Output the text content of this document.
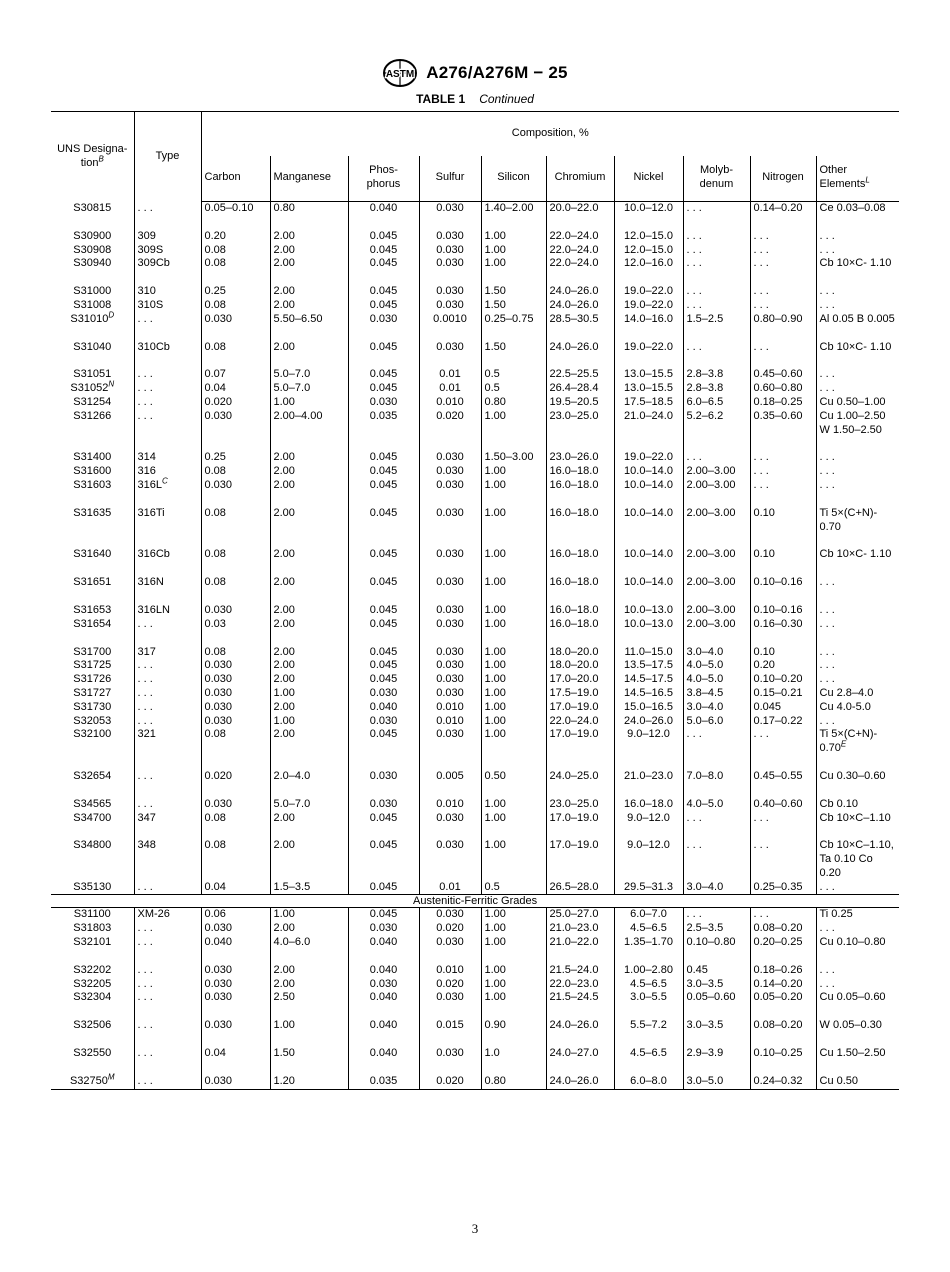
ASTM A276/A276M − 25
TABLE 1 Continued
UNS Designa- tion$^B$	Type	Composition, %									
		Carbon	Manganese	Phos- phorus	Sulfur	Silicon	Chromium	Nickel	Molyb- denum	Nitrogen	Other Elements$^L$
S30815	. . .	0.05–0.10	0.80	0.040	0.030	1.40–2.00	20.0–22.0	10.0–12.0	. . .	0.14–0.20	Ce 0.03–0.08
S30900	309	0.20	2.00	0.045	0.030	1.00	22.0–24.0	12.0–15.0	. . .	. . .	. . .
S30908	309S	0.08	2.00	0.045	0.030	1.00	22.0–24.0	12.0–15.0	. . .	. . .	. . .
S30940	309Cb	0.08	2.00	0.045	0.030	1.00	22.0–24.0	12.0–16.0	. . .	. . .	Cb 10×C- 1.10
S31000	310	0.25	2.00	0.045	0.030	1.50	24.0–26.0	19.0–22.0	. . .	. . .	. . .
S31008	310S	0.08	2.00	0.045	0.030	1.50	24.0–26.0	19.0–22.0	. . .	. . .	. . .
$S31010^D$	. . .	0.030	5.50–6.50	0.030	0.0010	0.25–0.75	28.5–30.5	14.0–16.0	1.5–2.5	0.80–0.90	Al 0.05 B 0.005
S31040	310Cb	0.08	2.00	0.045	0.030	1.50	24.0–26.0	19.0–22.0	. . .	. . .	Cb 10×C- 1.10
S31051	. . .	0.07	5.0–7.0	0.045	0.01	0.5	22.5–25.5	13.0–15.5	2.8–3.8	0.45–0.60	. . .
$S31052^N$	. . .	0.04	5.0–7.0	0.045	0.01	0.5	26.4–28.4	13.0–15.5	2.8–3.8	0.60–0.80	. . .
S31254	. . .	0.020	1.00	0.030	0.010	0.80	19.5–20.5	17.5–18.5	6.0–6.5	0.18–0.25	Cu 0.50–1.00
S31266	. . .	0.030	2.00–4.00	0.035	0.020	1.00	23.0–25.0	21.0–24.0	5.2–6.2	0.35–0.60	Cu 1.00–2.50 W 1.50–2.50
S31400	314	0.25	2.00	0.045	0.030	1.50–3.00	23.0–26.0	19.0–22.0	. . .	. . .	. . .
S31600	316	0.08	2.00	0.045	0.030	1.00	16.0–18.0	10.0–14.0	2.00–3.00	. . .	. . .
S31603	$316L^C$	0.030	2.00	0.045	0.030	1.00	16.0–18.0	10.0–14.0	2.00–3.00	. . .	. . .
S31635	316Ti	0.08	2.00	0.045	0.030	1.00	16.0–18.0	10.0–14.0	2.00–3.00	0.10	Ti 5×(C+N)- 0.70
S31640	316Cb	0.08	2.00	0.045	0.030	1.00	16.0–18.0	10.0–14.0	2.00–3.00	0.10	Cb 10×C- 1.10
S31651	316N	0.08	2.00	0.045	0.030	1.00	16.0–18.0	10.0–14.0	2.00–3.00	0.10–0.16	. . .
S31653	316LN	0.030	2.00	0.045	0.030	1.00	16.0–18.0	10.0–13.0	2.00–3.00	0.10–0.16	. . .
S31654	. . .	0.03	2.00	0.045	0.030	1.00	16.0–18.0	10.0–13.0	2.00–3.00	0.16–0.30	. . .
S31700	317	0.08	2.00	0.045	0.030	1.00	18.0–20.0	11.0–15.0	3.0–4.0	0.10	. . .
S31725	. . .	0.030	2.00	0.045	0.030	1.00	18.0–20.0	13.5–17.5	4.0–5.0	0.20	. . .
S31726	. . .	0.030	2.00	0.045	0.030	1.00	17.0–20.0	14.5–17.5	4.0–5.0	0.10–0.20	. . .
S31727	. . .	0.030	1.00	0.030	0.030	1.00	17.5–19.0	14.5–16.5	3.8–4.5	0.15–0.21	Cu 2.8–4.0
S31730	. . .	0.030	2.00	0.040	0.010	1.00	17.0–19.0	15.0–16.5	3.0–4.0	0.045	Cu 4.0-5.0
S32053	. . .	0.030	1.00	0.030	0.010	1.00	22.0–24.0	24.0–26.0	5.0–6.0	0.17–0.22	. . .
S32100	321	0.08	2.00	0.045	0.030	1.00	17.0–19.0	9.0–12.0	. . .	. . .	Ti 5×(C+N)- $0.70^E$
S32654	. . .	0.020	2.0–4.0	0.030	0.005	0.50	24.0–25.0	21.0–23.0	7.0–8.0	0.45–0.55	Cu 0.30–0.60
S34565	. . .	0.030	5.0–7.0	0.030	0.010	1.00	23.0–25.0	16.0–18.0	4.0–5.0	0.40–0.60	Cb 0.10
S34700	347	0.08	2.00	0.045	0.030	1.00	17.0–19.0	9.0–12.0	. . .	. . .	Cb 10×C–1.10
S34800	348	0.08	2.00	0.045	0.030	1.00	17.0–19.0	9.0–12.0	. . .	. . .	Cb 10×C–1.10, Ta 0.10 Co 0.20
S35130	. . .	0.04	1.5–3.5	0.045	0.01	0.5	26.5–28.0	29.5–31.3	3.0–4.0	0.25–0.35	. . .
Austenitic-Ferritic Grades											
S31100	XM-26	0.06	1.00	0.045	0.030	1.00	25.0–27.0	6.0–7.0	. . .	. . .	Ti 0.25
S31803	. . .	0.030	2.00	0.030	0.020	1.00	21.0–23.0	4.5–6.5	2.5–3.5	0.08–0.20	. . .
S32101	. . .	0.040	4.0–6.0	0.040	0.030	1.00	21.0–22.0	1.35–1.70	0.10–0.80	0.20–0.25	Cu 0.10–0.80
S32202	. . .	0.030	2.00	0.040	0.010	1.00	21.5–24.0	1.00–2.80	0.45	0.18–0.26	. . .
S32205	. . .	0.030	2.00	0.030	0.020	1.00	22.0–23.0	4.5–6.5	3.0–3.5	0.14–0.20	. . .
S32304	. . .	0.030	2.50	0.040	0.030	1.00	21.5–24.5	3.0–5.5	0.05–0.60	0.05–0.20	Cu 0.05–0.60
S32506	. . .	0.030	1.00	0.040	0.015	0.90	24.0–26.0	5.5–7.2	3.0–3.5	0.08–0.20	W 0.05–0.30
S32550	. . .	0.04	1.50	0.040	0.030	1.0	24.0–27.0	4.5–6.5	2.9–3.9	0.10–0.25	Cu 1.50–2.50
$S32750^M$	. . .	0.030	1.20	0.035	0.020	0.80	24.0–26.0	6.0–8.0	3.0–5.0	0.24–0.32	Cu 0.50
3
